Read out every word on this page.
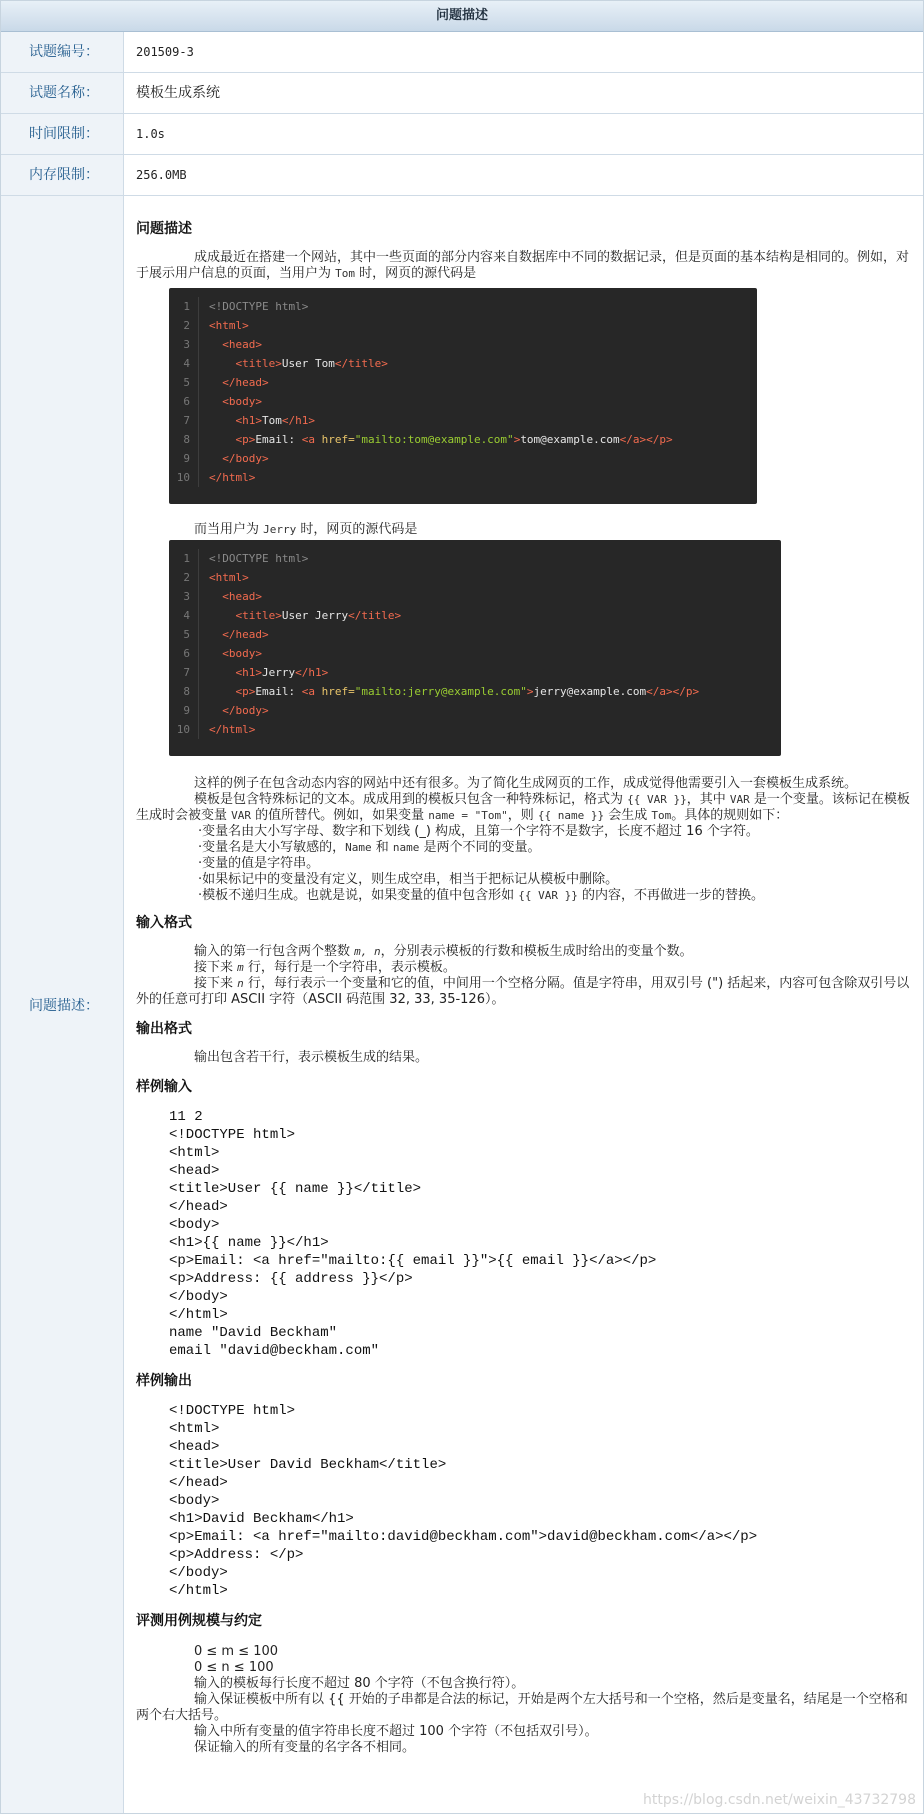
问题描述
试题编号：	201509-3
试题名称：	模板生成系统
时间限制：	1.0s
内存限制：	256.0MB
问题描述：
问题描述

成成最近在搭建一个网站，其中一些页面的部分内容来自数据库中不同的数据记录，但是页面的基本结构是相同的。例如，对于展示用户信息的页面，当用户为 Tom 时，网页的源代码是

1	<!DOCTYPE html>
2	<html>
3	<head>
4	<title>User Tom</title>
5	</head>
6	<body>
7	<h1>Tom</h1>
8	<p>Email: <a href="mailto:tom@example.com">tom@example.com</a></p>
9	</body>
10	</html>

而当用户为 Jerry 时，网页的源代码是

1	<!DOCTYPE html>
2	<html>
3	<head>
4	<title>User Jerry</title>
5	</head>
6	<body>
7	<h1>Jerry</h1>
8	<p>Email: <a href="mailto:jerry@example.com">jerry@example.com</a></p>
9	</body>
10	</html>

这样的例子在包含动态内容的网站中还有很多。为了简化生成网页的工作，成成觉得他需要引入一套模板生成系统。

模板是包含特殊标记的文本。成成用到的模板只包含一种特殊标记，格式为 {{ VAR }}，其中 VAR 是一个变量。该标记在模板生成时会被变量 VAR 的值所替代。例如，如果变量 name = "Tom"，则 {{ name }} 会生成 Tom。具体的规则如下：

·变量名由大小写字母、数字和下划线 (_) 构成，且第一个字符不是数字，长度不超过 16 个字符。

·变量名是大小写敏感的，Name 和 name 是两个不同的变量。

·变量的值是字符串。

·如果标记中的变量没有定义，则生成空串，相当于把标记从模板中删除。

·模板不递归生成。也就是说，如果变量的值中包含形如 {{ VAR }} 的内容，不再做进一步的替换。

输入格式

输入的第一行包含两个整数 m, n，分别表示模板的行数和模板生成时给出的变量个数。

接下来 m 行，每行是一个字符串，表示模板。

接下来 n 行，每行表示一个变量和它的值，中间用一个空格分隔。值是字符串，用双引号 (") 括起来，内容可包含除双引号以外的任意可打印 ASCII 字符（ASCII 码范围 32, 33, 35-126）。

输出格式

输出包含若干行，表示模板生成的结果。

样例输入
11 2
<!DOCTYPE html>
<html>
<head>
<title>User {{ name }}</title>
</head>
<body>
<h1>{{ name }}</h1>
<p>Email: <a href="mailto:{{ email }}">{{ email }}</a></p>
<p>Address: {{ address }}</p>
</body>
</html>
name "David Beckham"
email "david@beckham.com"
样例输出
<!DOCTYPE html>
<html>
<head>
<title>User David Beckham</title>
</head>
<body>
<h1>David Beckham</h1>
<p>Email: <a href="mailto:david@beckham.com">david@beckham.com</a></p>
<p>Address: </p>
</body>
</html>
评测用例规模与约定

0 ≤ m ≤ 100

0 ≤ n ≤ 100

输入的模板每行长度不超过 80 个字符（不包含换行符）。

输入保证模板中所有以 {{ 开始的子串都是合法的标记，开始是两个左大括号和一个空格，然后是变量名，结尾是一个空格和两个右大括号。

输入中所有变量的值字符串长度不超过 100 个字符（不包括双引号）。

保证输入的所有变量的名字各不相同。

https://blog.csdn.net/weixin_43732798
